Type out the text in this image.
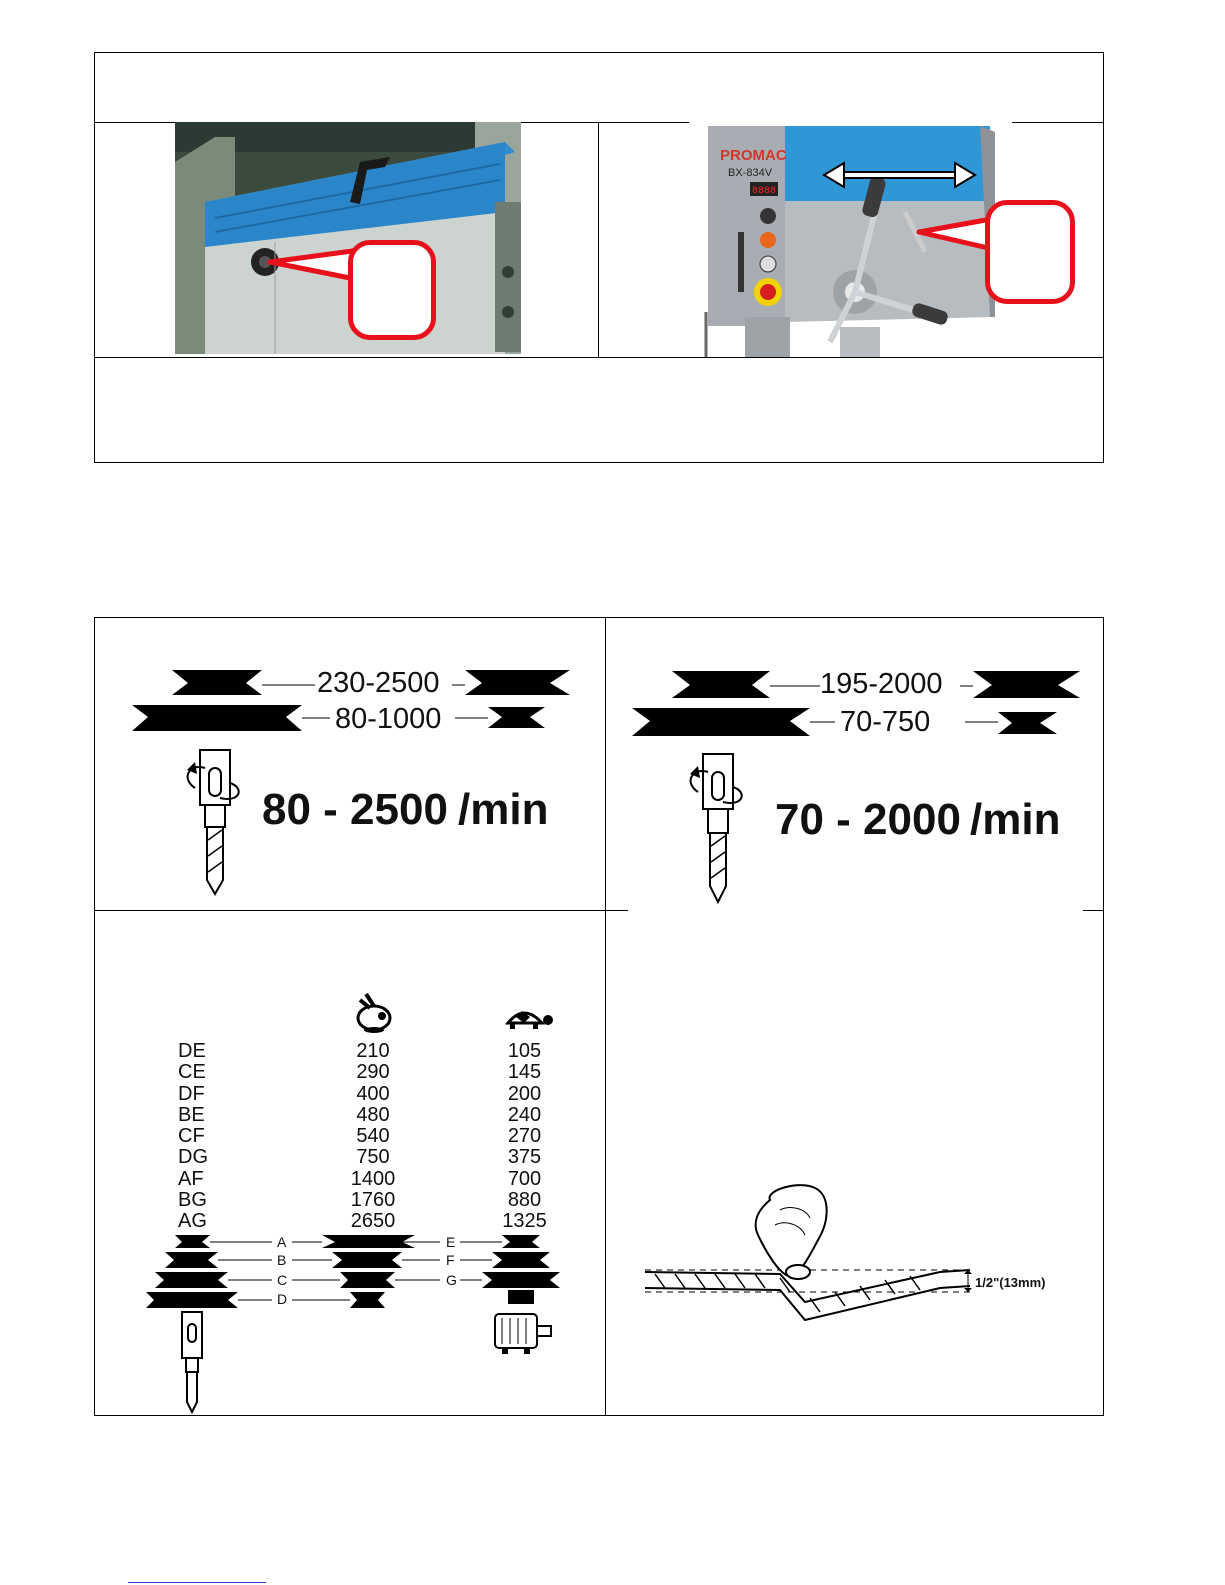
PROMAC
BX-834V
8888
230-2500
80-1000
80 - 2500 /min
195-2000
70-750
70 - 2000 /min
DE
CE
DF
BE
CF
DG
AF
BG
AG
210
290
400
480
540
750
1400
1760
2650
105
145
200
240
270
375
700
880
1325
A
B
C
D
E
F
G	1/2"(13mm)
